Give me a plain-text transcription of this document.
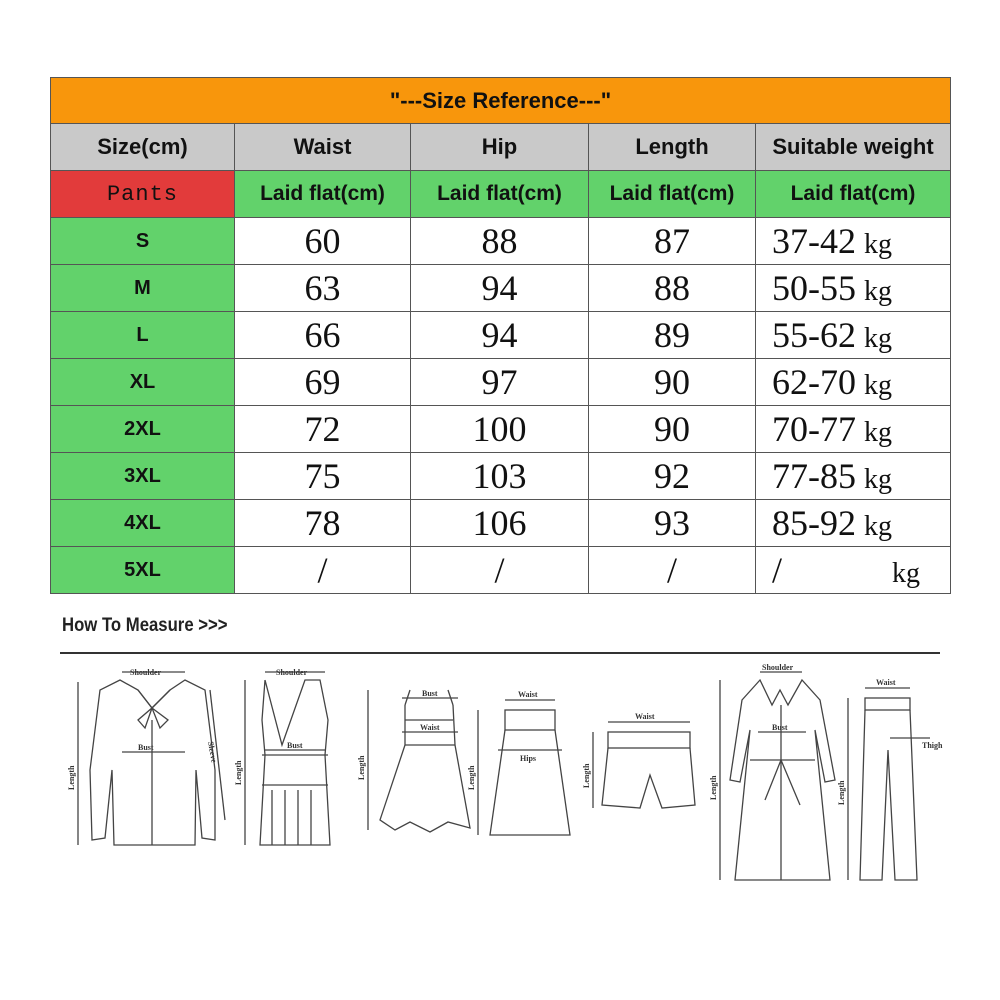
"---Size Reference---"				
Size(cm)	Waist	Hip	Length	Suitable weight
Pants	Laid flat(cm)	Laid flat(cm)	Laid flat(cm)	Laid flat(cm)
S	60	88	87	37-42 kg
M	63	94	88	50-55 kg
L	66	94	89	55-62 kg
XL	69	97	90	62-70 kg
2XL	72	100	90	70-77 kg
3XL	75	103	92	77-85 kg
4XL	78	106	93	85-92 kg
5XL	/	/	/	/ kg
How To Measure >>>
Shoulder
Bust	Sleeve
Length
Shoulder
Bust
Length
Bust
Waist
Length
Waist
Hips
Length
Waist
Length
Shoulder
Bust
Length
Waist
Thigh
Length
